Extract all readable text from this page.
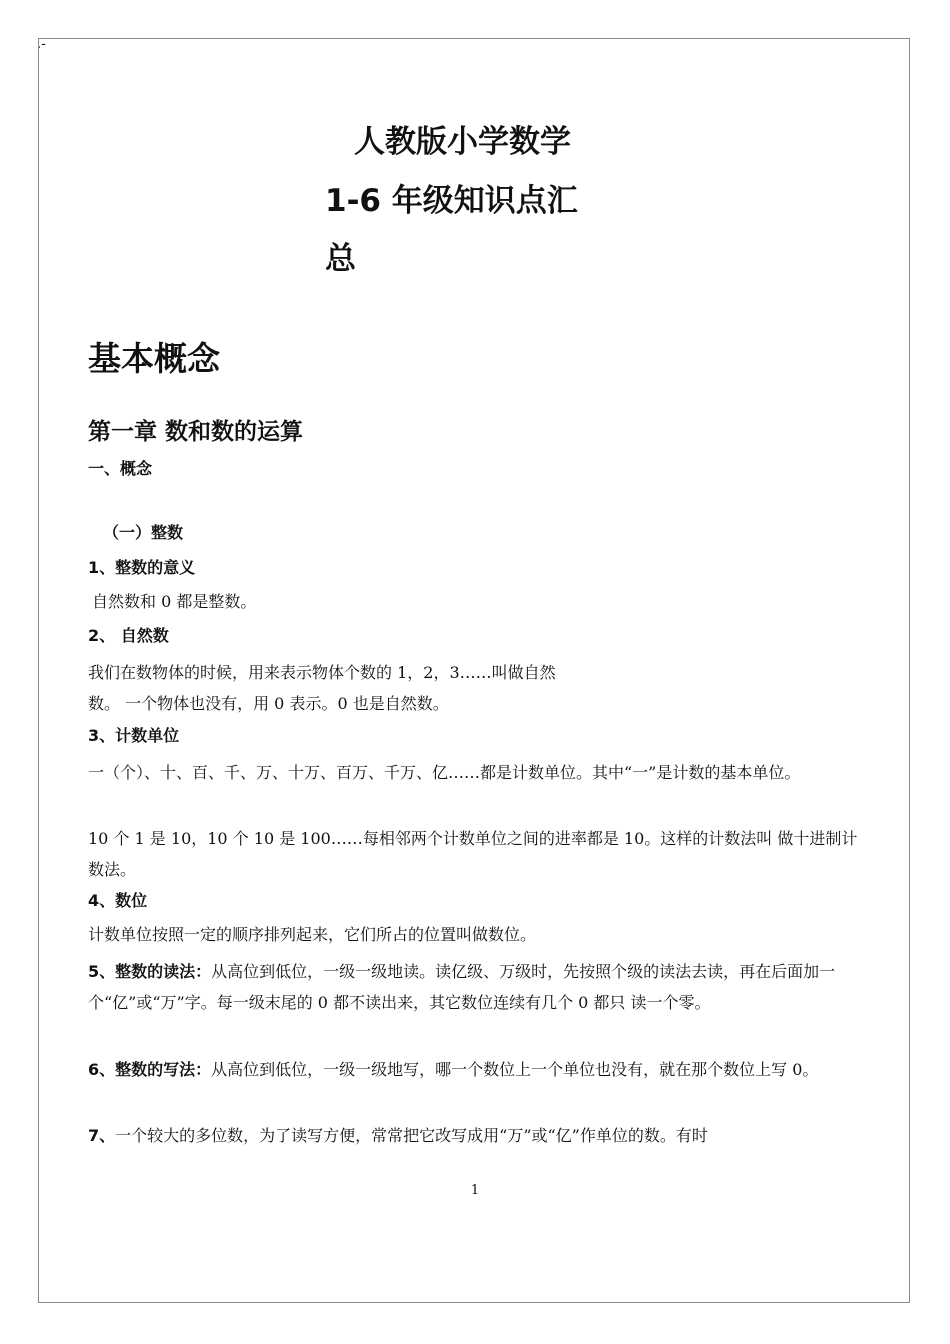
.-
人教版小学数学
1-6 年级知识点汇
总
基本概念
第一章 数和数的运算
一、概念
（一）整数
1、整数的意义
自然数和 0 都是整数。
2、 自然数
我们在数物体的时候，用来表示物体个数的 1，2，3……叫做自然
数。 一个物体也没有，用 0 表示。0 也是自然数。
3、计数单位
一（个）、十、百、千、万、十万、百万、千万、亿……都是计数单位。其中“一”是计数的基本单位。
10 个 1 是 10，10 个 10 是 100……每相邻两个计数单位之间的进率都是 10。这样的计数法叫 做十进制计数法。
4、数位
计数单位按照一定的顺序排列起来，它们所占的位置叫做数位。
5、整数的读法：从高位到低位，一级一级地读。读亿级、万级时，先按照个级的读法去读，再在后面加一个“亿”或“万”字。每一级末尾的 0 都不读出来，其它数位连续有几个 0 都只 读一个零。
6、整数的写法：从高位到低位，一级一级地写，哪一个数位上一个单位也没有，就在那个数位上写 0。
7、一个较大的多位数，为了读写方便，常常把它改写成用“万”或“亿”作单位的数。有时
1
